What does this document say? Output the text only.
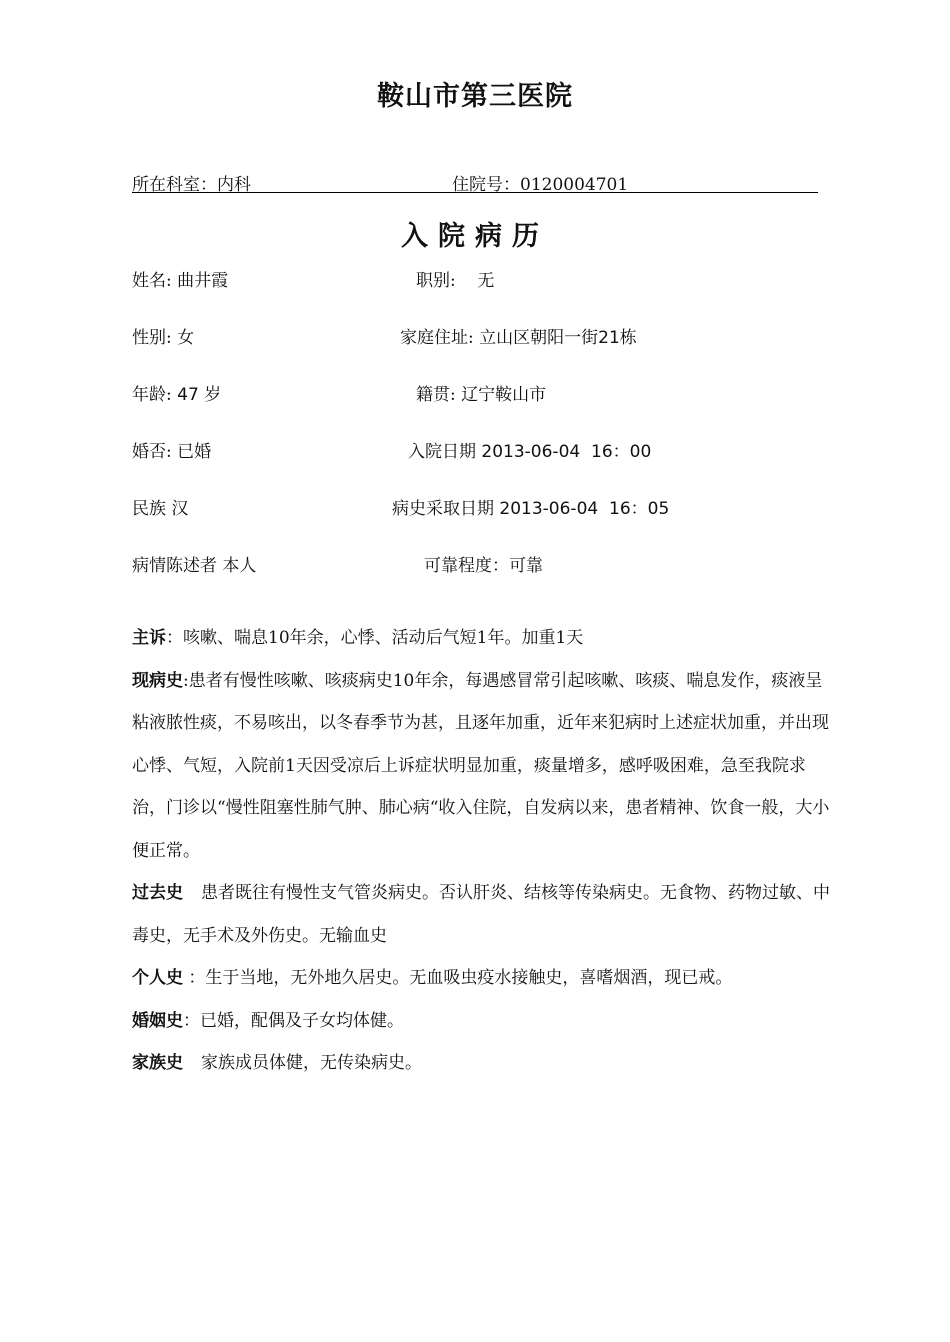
鞍山市第三医院
所在科室：内科	住院号：0120004701
入院病历
姓名: 曲井霞	职别: 无
性别: 女	家庭住址: 立山区朝阳一街21栋
年龄: 47 岁	籍贯: 辽宁鞍山市
婚否: 已婚	入院日期 2013-06-04  16：00
民族 汉	病史采取日期 2013-06-04  16：05
病情陈述者 本人	可靠程度：可靠

主诉：咳嗽、喘息10年余，心悸、活动后气短1年。加重1天

现病史:患者有慢性咳嗽、咳痰病史10年余，每遇感冒常引起咳嗽、咳痰、喘息发作，痰液呈粘液脓性痰，不易咳出，以冬春季节为甚，且逐年加重，近年来犯病时上述症状加重，并出现心悸、气短，入院前1天因受凉后上诉症状明显加重，痰量增多，感呼吸困难，急至我院求治，门诊以“慢性阻塞性肺气肿、肺心病“收入住院，自发病以来，患者精神、饮食一般，大小便正常。

过去史 患者既往有慢性支气管炎病史。否认肝炎、结核等传染病史。无食物、药物过敏、中毒史，无手术及外伤史。无输血史

个人史 ：生于当地，无外地久居史。无血吸虫疫水接触史，喜嗜烟酒，现已戒。

婚姻史：已婚，配偶及子女均体健。

家族史 家族成员体健，无传染病史。
